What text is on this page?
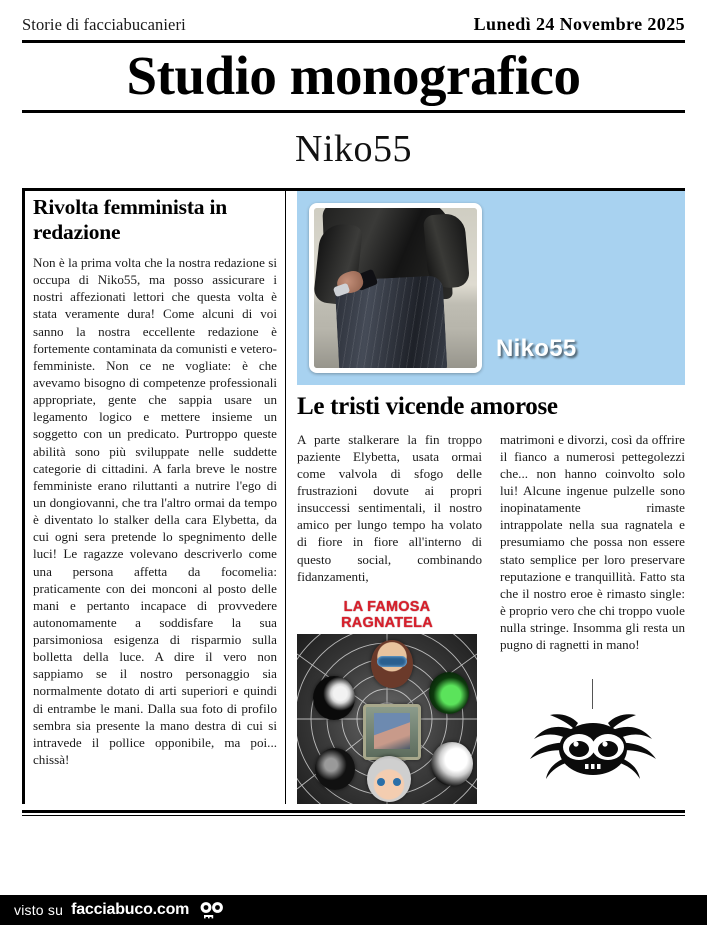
Storie di facciabucanieri	Lunedì 24 Novembre 2025
Studio monografico
Niko55
Rivolta femminista in redazione
Non è la prima volta che la nostra redazione si occupa di Niko55, ma posso assicurare i nostri affezionati lettori che questa volta è stata veramente dura! Come alcuni di voi sanno la nostra eccellente redazione è fortemente contaminata da comunisti e vetero-femministe. Non ce ne vogliate: è che avevamo bisogno di competenze professionali appropriate, gente che sappia usare un legamento logico e mettere insieme un soggetto con un predicato. Purtroppo queste abilità sono più sviluppate nelle suddette categorie di cittadini. A farla breve le nostre femministe erano riluttanti a nutrire l'ego di un dongiovanni, che tra l'altro ormai da tempo è diventato lo stalker della cara Elybetta, da cui ogni sera pretende lo spegnimento delle luci! Le ragazze volevano descriverlo come una persona affetta da focomelia: praticamente con dei monconi al posto delle mani e pertanto incapace di provvedere autonomamente a soddisfare la sua parsimoniosa esigenza di risparmio sulla bolletta della luce. A dire il vero non sappiamo se il nostro personaggio sia normalmente dotato di arti superiori e quindi di entrambe le mani. Dalla sua foto di profilo sembra sia presente la mano destra di cui si intravede il pollice opponibile, ma poi... chissà!
Niko55
Le tristi vicende amorose
A parte stalkerare la fin troppo paziente Elybetta, usata ormai come valvola di sfogo delle frustrazioni dovute ai propri insuccessi sentimentali, il nostro amico per lungo tempo ha volato di fiore in fiore all'interno di questo social, combinando fidanzamenti,
LA FAMOSA RAGNATELA
matrimoni e divorzi, così da offrire il fianco a numerosi pettegolezzi che... non hanno coinvolto solo lui! Alcune ingenue pulzelle sono inopinatamente rimaste intrappolate nella sua ragnatela e presumiamo che possa non essere stato semplice per loro preservare reputazione e tranquillità. Fatto sta che il nostro eroe è rimasto single: è proprio vero che chi troppo vuole nulla stringe. Insomma gli resta un pugno di ragnetti in mano!
visto su facciabuco.com
